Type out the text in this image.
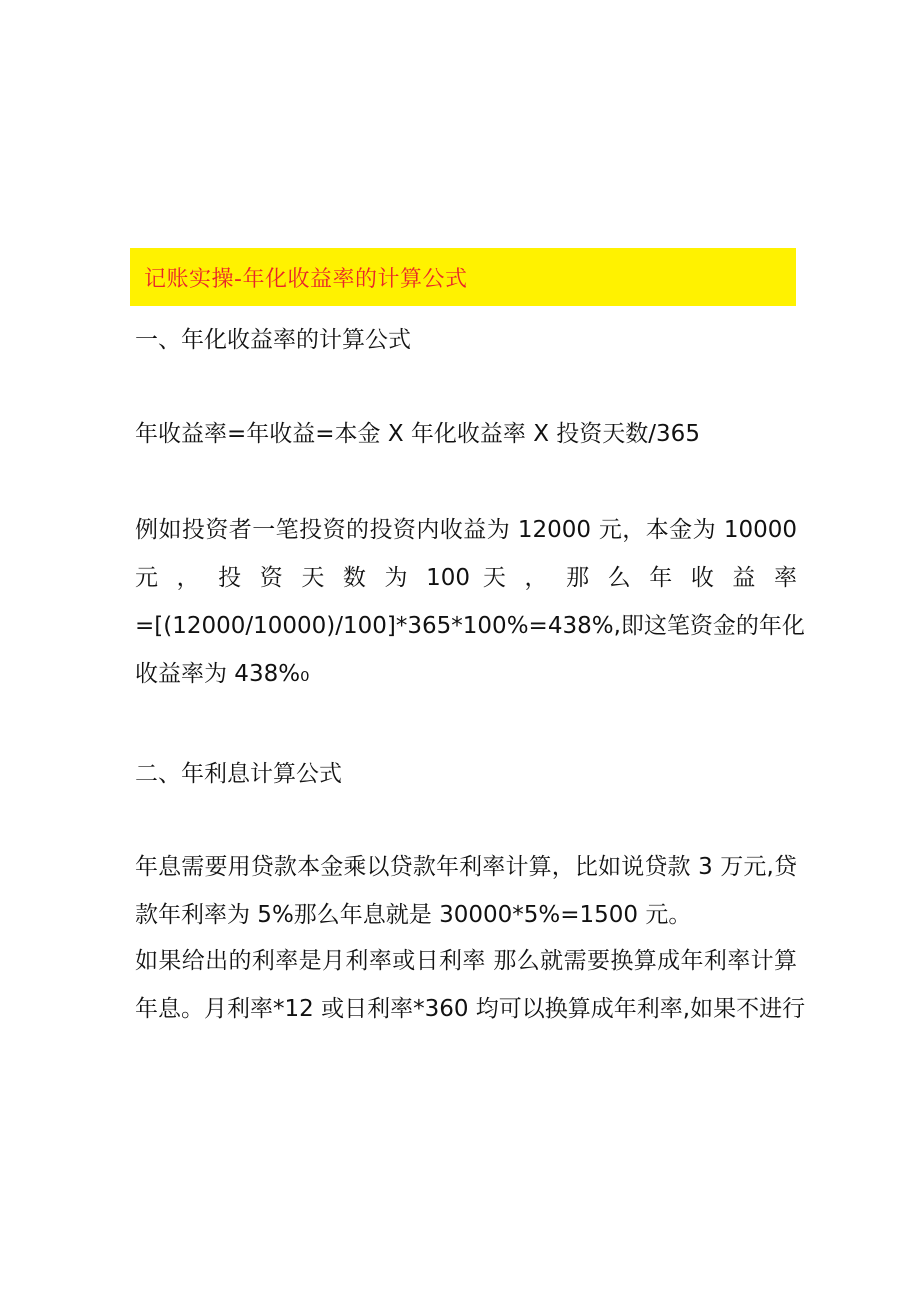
记账实操-年化收益率的计算公式
一、年化收益率的计算公式
年收益率=年收益=本金 X 年化收益率 X 投资天数/365
例如投资者一笔投资的投资内收益为 12000 元，本金为 10000
元 ， 投 资 天 数 为 100 天 ， 那 么 年 收 益 率
=[(12000/10000)/100]*365*100%=438%,即这笔资金的年化
收益率为 438%₀
二、年利息计算公式
年息需要用贷款本金乘以贷款年利率计算，比如说贷款 3 万元,贷
款年利率为 5%那么年息就是 30000*5%=1500 元。
如果给出的利率是月利率或日利率 那么就需要换算成年利率计算
年息。月利率*12 或日利率*360 均可以换算成年利率,如果不进行
